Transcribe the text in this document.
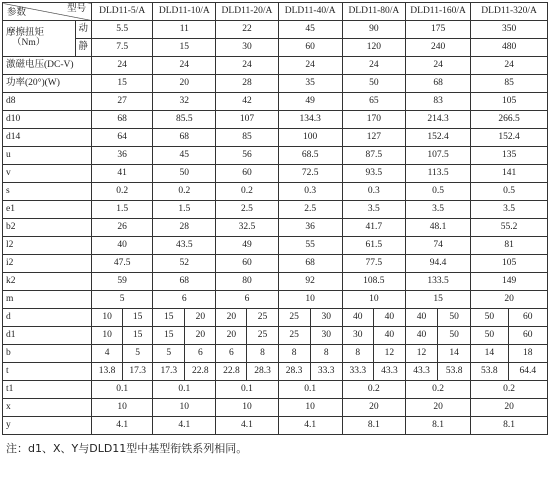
型号
参数		DLD11-5/A		DLD11-10/A		DLD11-20/A		DLD11-40/A		DLD11-80/A		DLD11-160/A		DLD11-320/A	

摩擦扭矩
（Nm）	动	5.5		11		22		45		90		175		350	
	静	7.5		15		30		60		120		240		480	
激磁电压(DC-V)		24		24		24		24		24		24		24	
功率(20°)(W)		15		20		28		35		50		68		85	
d8		27		32		42		49		65		83		105	
d10		68		85.5		107		134.3		170		214.3		266.5	
d14		64		68		85		100		127		152.4		152.4	
u		36		45		56		68.5		87.5		107.5		135	
v		41		50		60		72.5		93.5		113.5		141	
s		0.2		0.2		0.2		0.3		0.3		0.5		0.5	
e1		1.5		1.5		2.5		2.5		3.5		3.5		3.5	
b2		26		28		32.5		36		41.7		48.1		55.2	
l2		40		43.5		49		55		61.5		74		81	
i2		47.5		52		60		68		77.5		94.4		105	
k2		59		68		80		92		108.5		133.5		149	
m		5		6		6		10		10		15		20	
d		10	15	15	20	20	25	25	30	40	40	40	50	50	60
d1		10	15	15	20	20	25	25	30	30	40	40	50	50	60
b		4	5	5	6	6	8	8	8	8	12	12	14	14	18
t		13.8	17.3	17.3	22.8	22.8	28.3	28.3	33.3	33.3	43.3	43.3	53.8	53.8	64.4
t1		0.1		0.1		0.1		0.1		0.2		0.2		0.2	
x		10		10		10		10		20		20		20	
y		4.1		4.1		4.1		4.1		8.1		8.1		8.1	
注：d1、X、Y与DLD11型中基型衔铁系列相同。
